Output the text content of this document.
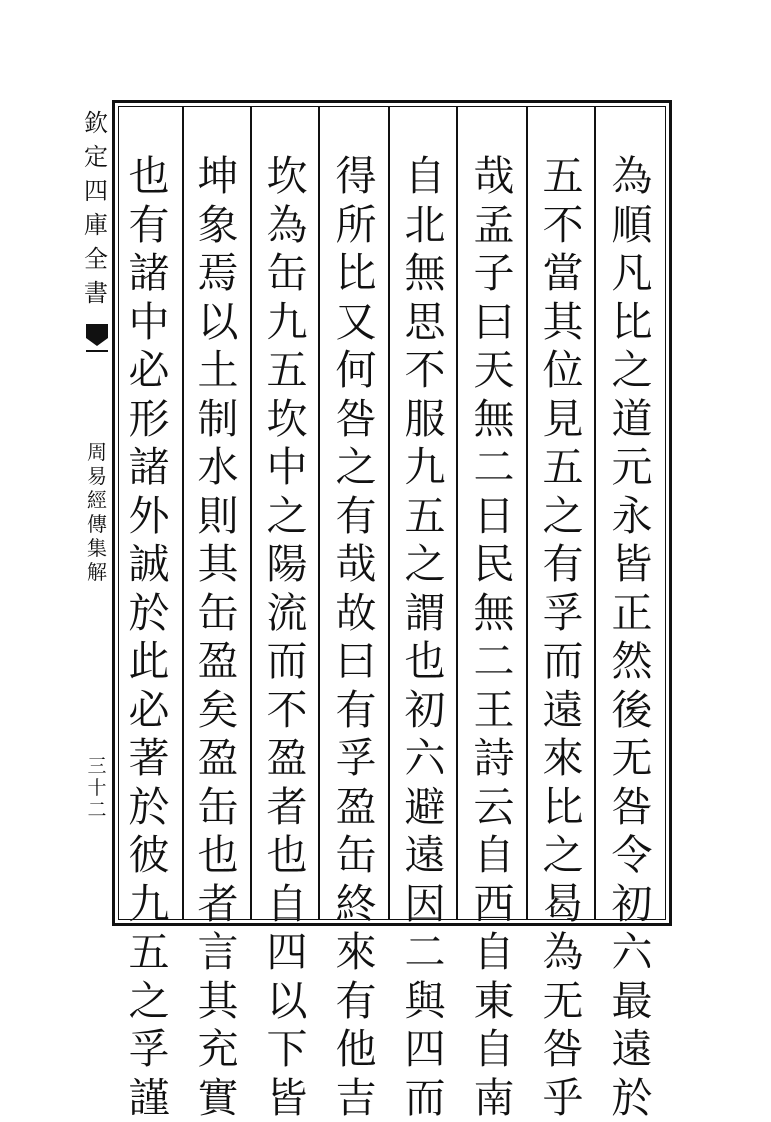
為順凡比之道元永皆正然後无咎令初六最遠於
五不當其位見五之有孚而遠來比之曷為无咎乎
哉孟子曰天無二日民無二王詩云自西自東自南
自北無思不服九五之謂也初六避遠因二與四而
得所比又何咎之有哉故曰有孚盈缶終來有他吉
坎為缶九五坎中之陽流而不盈者也自四以下皆
坤象焉以土制水則其缶盈矣盈缶也者言其充實
也有諸中必形諸外誠於此必著於彼九五之孚謹
欽定四庫全書
周易經傳集解
三十二
